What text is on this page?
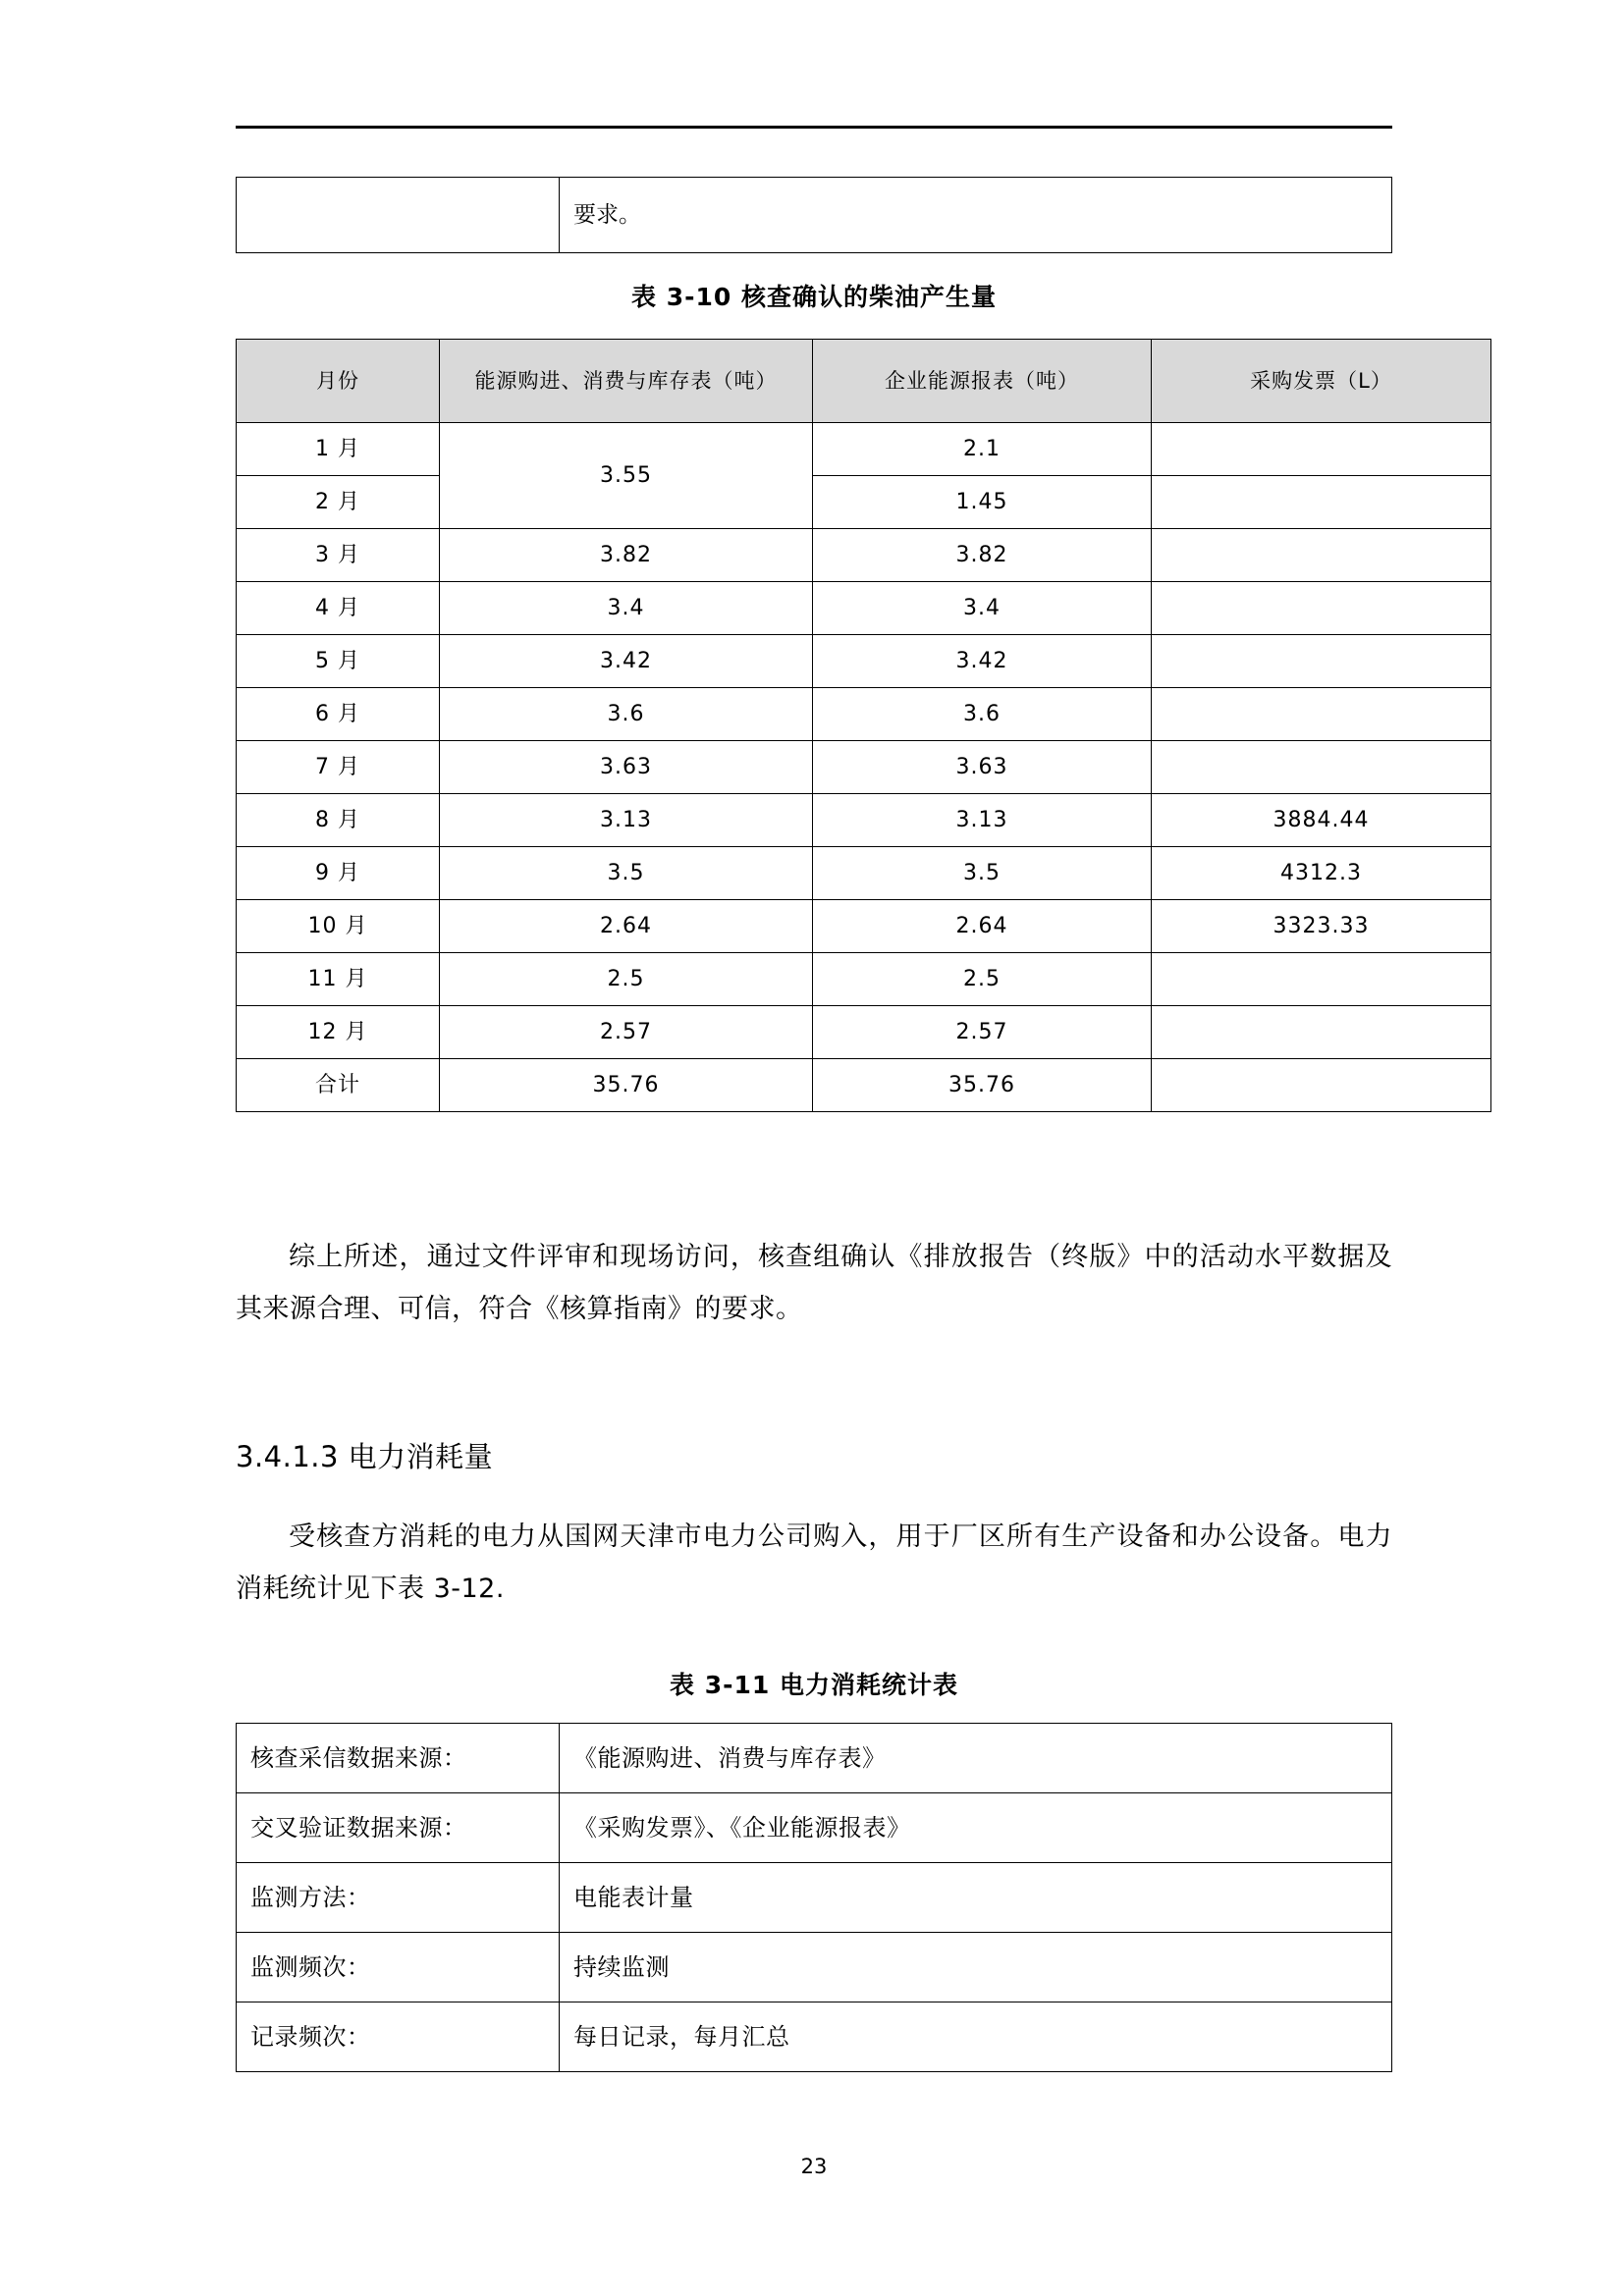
	要求。
表 3-10 核查确认的柴油产生量
月份	能源购进、消费与库存表（吨）	企业能源报表（吨）	采购发票（L）
1 月	3.55	2.1	
2 月		1.45	
3 月	3.82	3.82	
4 月	3.4	3.4	
5 月	3.42	3.42	
6 月	3.6	3.6	
7 月	3.63	3.63	
8 月	3.13	3.13	3884.44
9 月	3.5	3.5	4312.3
10 月	2.64	2.64	3323.33
11 月	2.5	2.5	
12 月	2.57	2.57	
合计	35.76	35.76	

综上所述，通过文件评审和现场访问，核查组确认《排放报告（终版》中的活动水平数据及其来源合理、可信，符合《核算指南》的要求。

3.4.1.3 电力消耗量

受核查方消耗的电力从国网天津市电力公司购入，用于厂区所有生产设备和办公设备。电力消耗统计见下表 3-12.

表 3-11 电力消耗统计表
核查采信数据来源：	《能源购进、消费与库存表》
交叉验证数据来源：	《采购发票》、《企业能源报表》
监测方法：	电能表计量
监测频次：	持续监测
记录频次：	每日记录，每月汇总
23
